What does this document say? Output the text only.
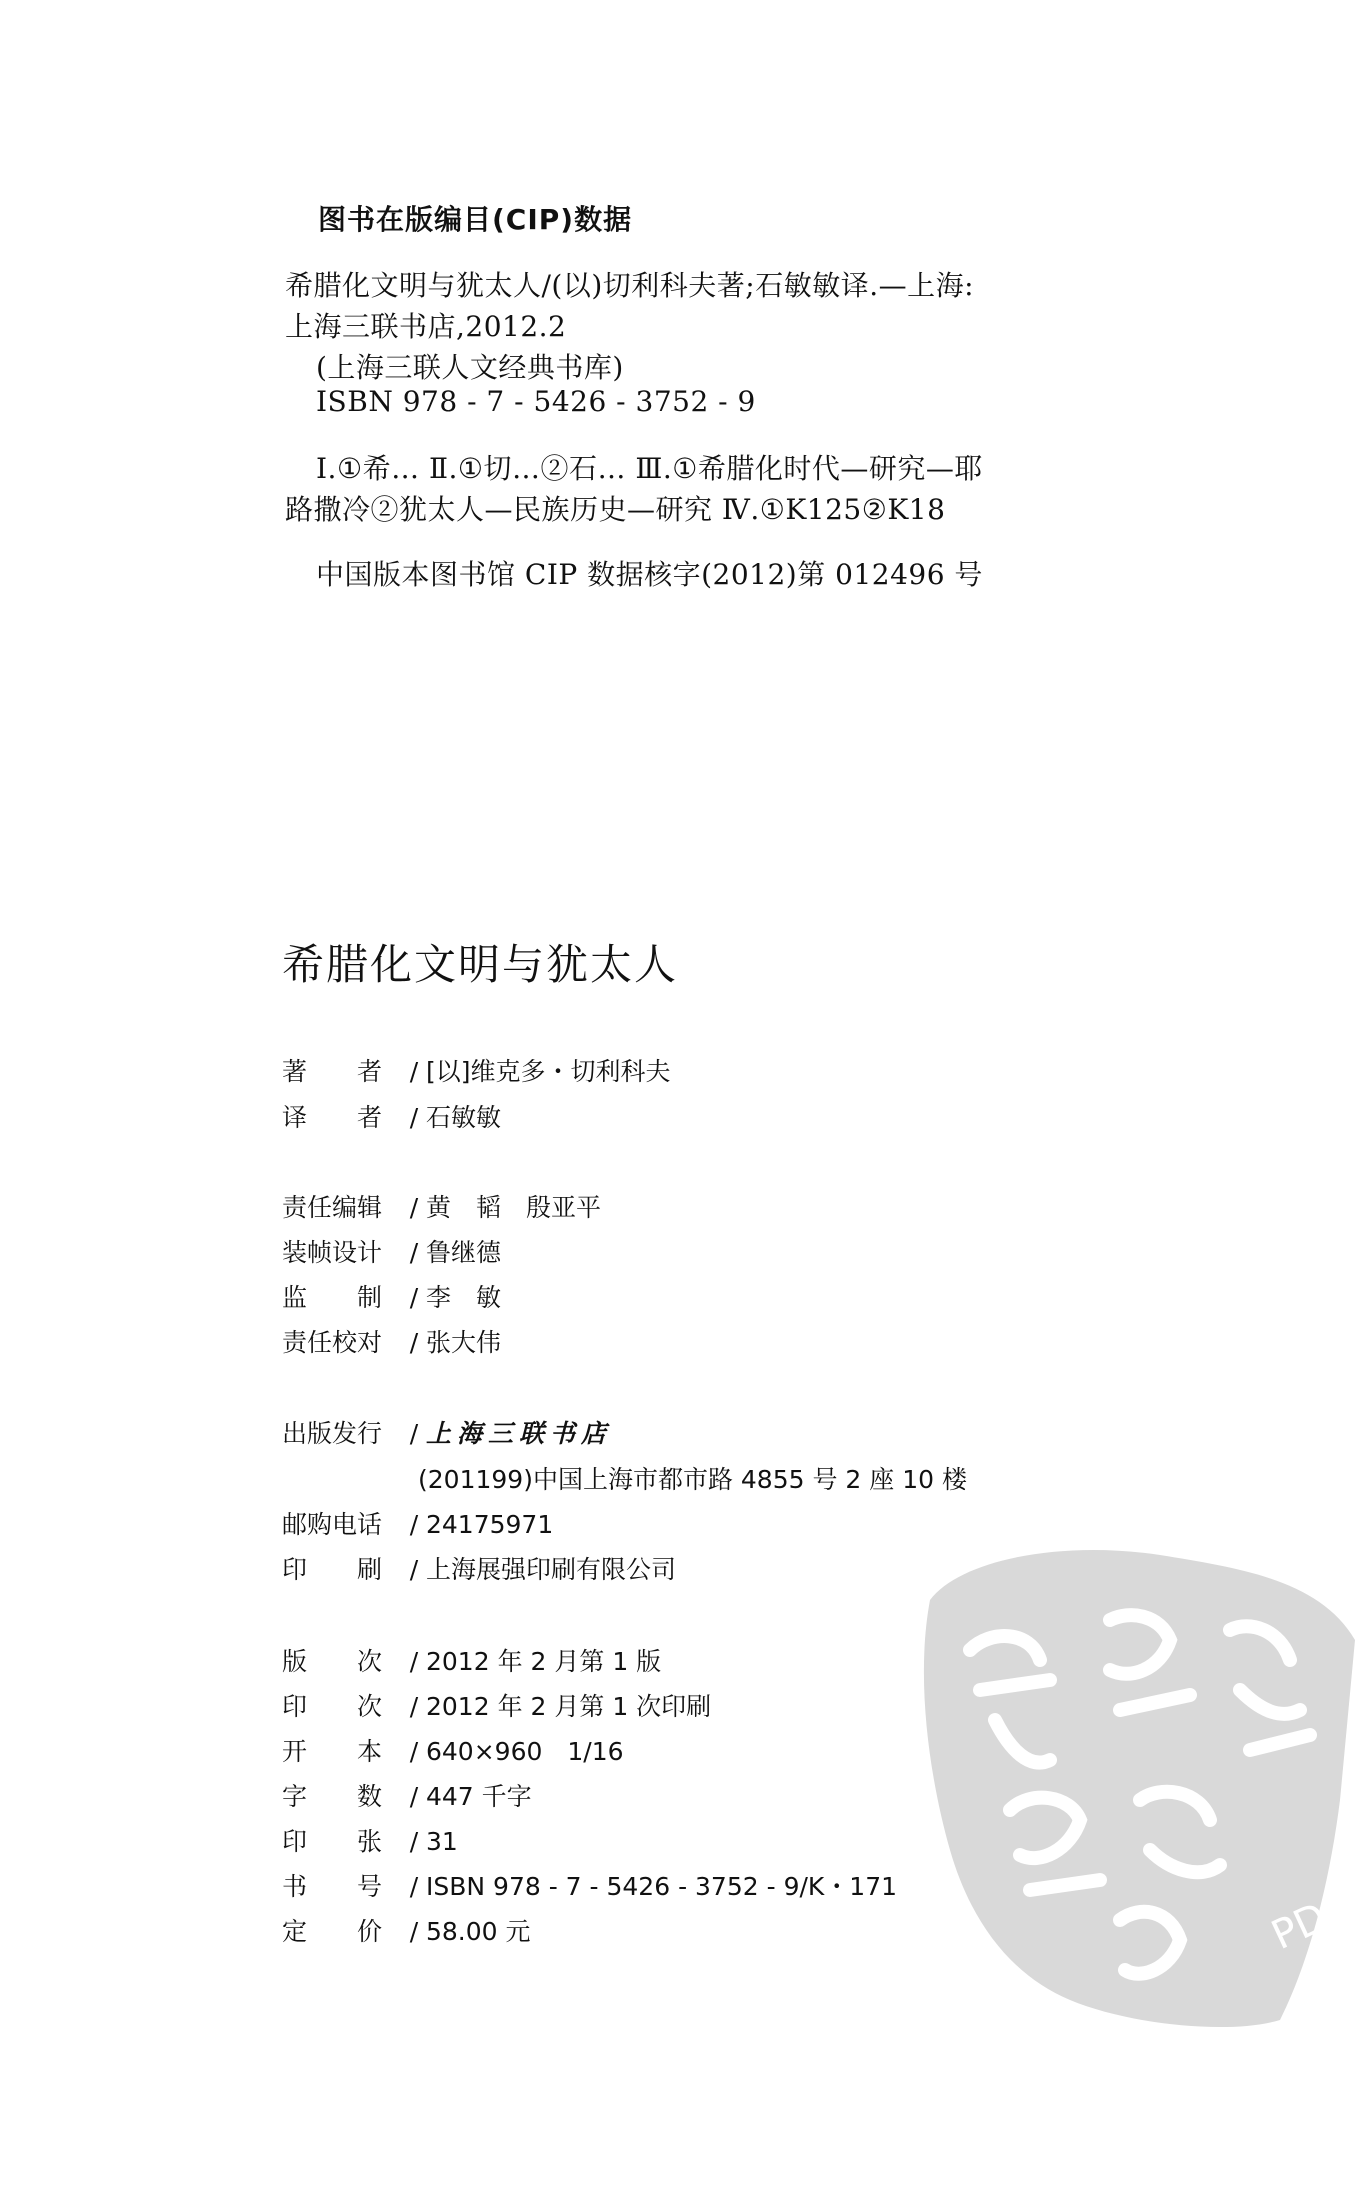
图书在版编目(CIP)数据
希腊化文明与犹太人/(以)切利科夫著;石敏敏译.—上海:
上海三联书店,2012.2
(上海三联人文经典书库)
ISBN 978 - 7 - 5426 - 3752 - 9
Ⅰ.①希… Ⅱ.①切…②石… Ⅲ.①希腊化时代—研究—耶
路撒冷②犹太人—民族历史—研究 Ⅳ.①K125②K18
中国版本图书馆 CIP 数据核字(2012)第 012496 号
希腊化文明与犹太人
著　　者 / [以]维克多・切利科夫
译　　者 / 石敏敏
责任编辑 / 黄　韬　殷亚平
装帧设计 / 鲁继德
监　　制 / 李　敏
责任校对 / 张大伟
出版发行 / 上海三联书店
(201199)中国上海市都市路 4855 号 2 座 10 楼
邮购电话 / 24175971
印　　刷 / 上海展强印刷有限公司
版　　次 / 2012 年 2 月第 1 版
印　　次 / 2012 年 2 月第 1 次印刷
开　　本 / 640×960　1/16
字　　数 / 447 千字
印　　张 / 31
书　　号 / ISBN 978 - 7 - 5426 - 3752 - 9/K・171
定　　价 / 58.00 元	PDG
